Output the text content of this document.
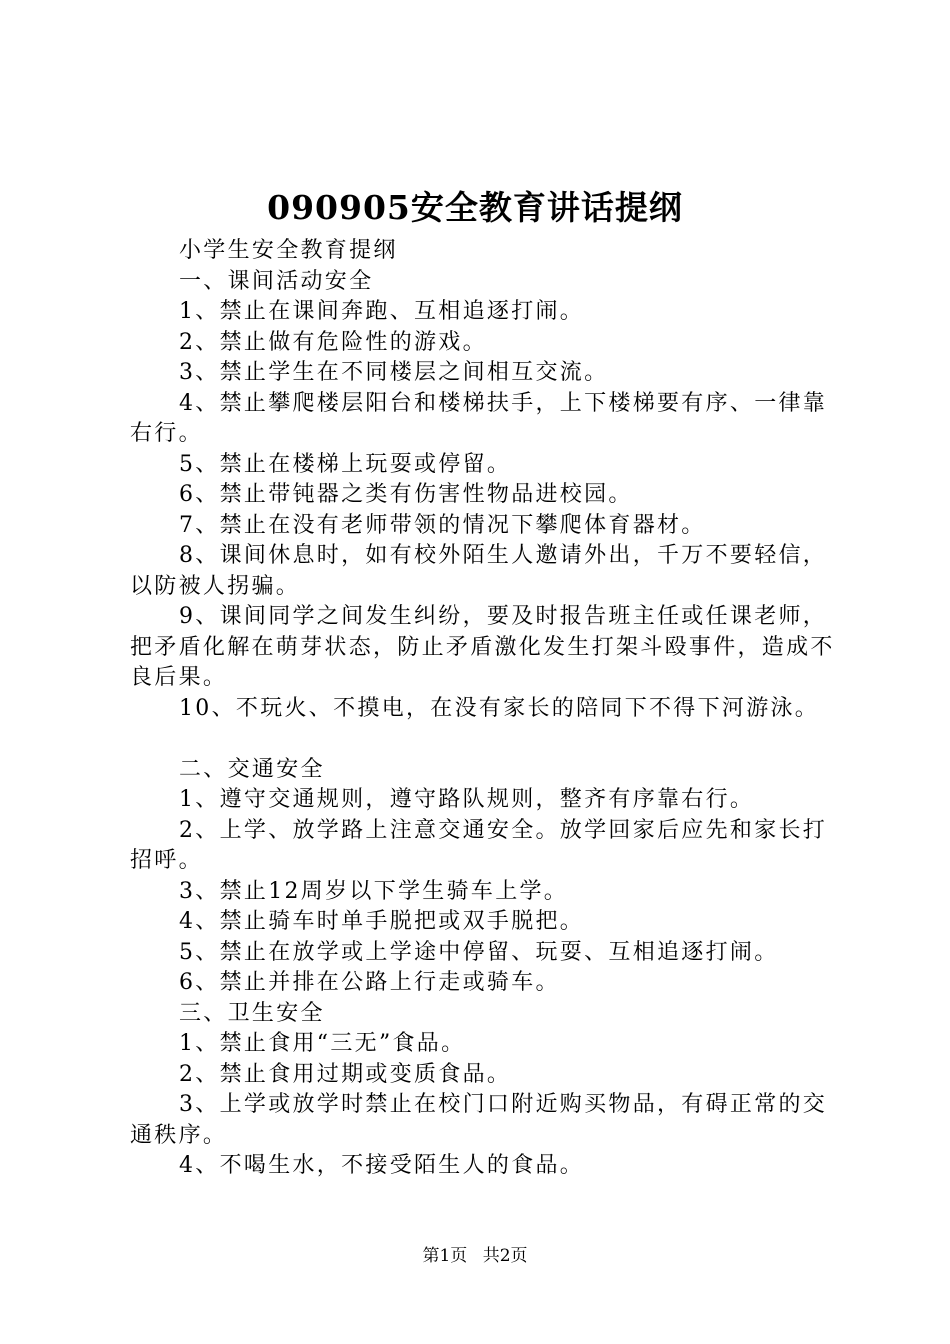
090905安全教育讲话提纲

小学生安全教育提纲

一、课间活动安全

1、禁止在课间奔跑、互相追逐打闹。

2、禁止做有危险性的游戏。

3、禁止学生在不同楼层之间相互交流。

4、禁止攀爬楼层阳台和楼梯扶手，上下楼梯要有序、一律靠右行。

5、禁止在楼梯上玩耍或停留。

6、禁止带钝器之类有伤害性物品进校园。

7、禁止在没有老师带领的情况下攀爬体育器材。

8、课间休息时，如有校外陌生人邀请外出，千万不要轻信，以防被人拐骗。

9、课间同学之间发生纠纷，要及时报告班主任或任课老师，把矛盾化解在萌芽状态，防止矛盾激化发生打架斗殴事件，造成不良后果。

10、不玩火、不摸电，在没有家长的陪同下不得下河游泳。

二、交通安全

1、遵守交通规则，遵守路队规则，整齐有序靠右行。

2、上学、放学路上注意交通安全。放学回家后应先和家长打招呼。

3、禁止12周岁以下学生骑车上学。

4、禁止骑车时单手脱把或双手脱把。

5、禁止在放学或上学途中停留、玩耍、互相追逐打闹。

6、禁止并排在公路上行走或骑车。

三、卫生安全

1、禁止食用“三无”食品。

2、禁止食用过期或变质食品。

3、上学或放学时禁止在校门口附近购买物品，有碍正常的交通秩序。

4、不喝生水，不接受陌生人的食品。

第1页 共2页
